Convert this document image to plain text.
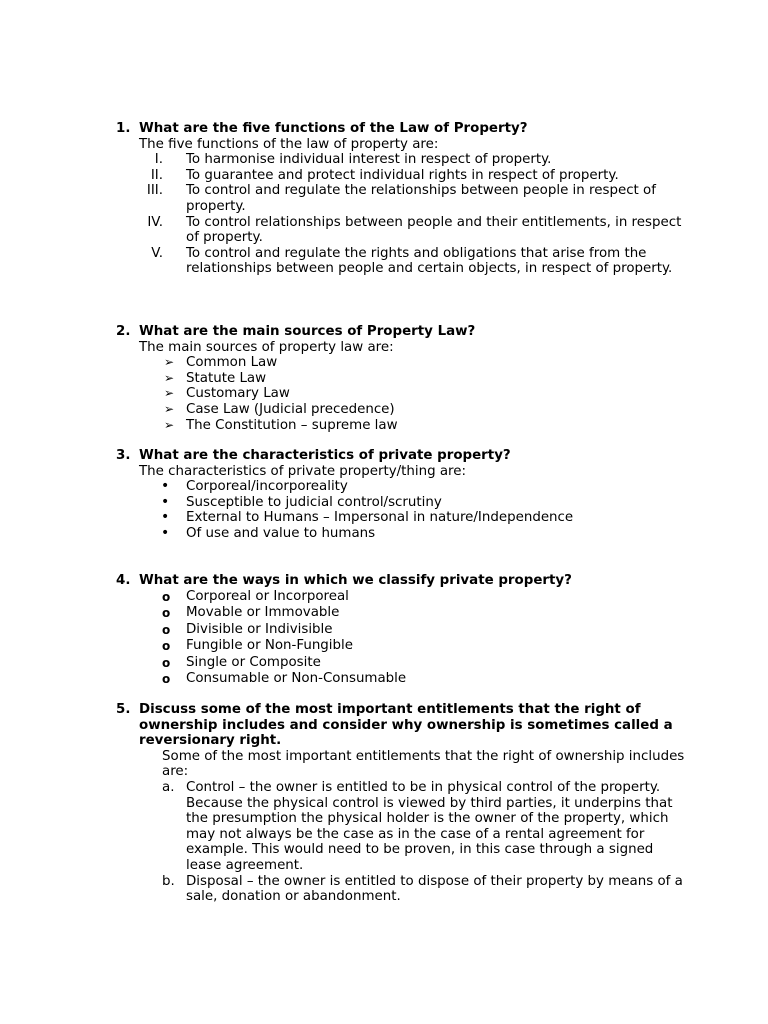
1. What are the five functions of the Law of Property?
The five functions of the law of property are:
I. To harmonise individual interest in respect of property.
II. To guarantee and protect individual rights in respect of property.
III. To control and regulate the relationships between people in respect of property.
IV. To control relationships between people and their entitlements, in respect of property.
V. To control and regulate the rights and obligations that arise from the relationships between people and certain objects, in respect of property.
2. What are the main sources of Property Law?
The main sources of property law are:
➢ Common Law
➢ Statute Law
➢ Customary Law
➢ Case Law (Judicial precedence)
➢ The Constitution – supreme law
3. What are the characteristics of private property?
The characteristics of private property/thing are:
• Corporeal/incorporeality
• Susceptible to judicial control/scrutiny
• External to Humans – Impersonal in nature/Independence
• Of use and value to humans
4. What are the ways in which we classify private property?
o Corporeal or Incorporeal
o Movable or Immovable
o Divisible or Indivisible
o Fungible or Non-Fungible
o Single or Composite
o Consumable or Non-Consumable
5. Discuss some of the most important entitlements that the right of ownership includes and consider why ownership is sometimes called a reversionary right.
Some of the most important entitlements that the right of ownership includes are:
a. Control – the owner is entitled to be in physical control of the property. Because the physical control is viewed by third parties, it underpins that the presumption the physical holder is the owner of the property, which may not always be the case as in the case of a rental agreement for example. This would need to be proven, in this case through a signed lease agreement.
b. Disposal – the owner is entitled to dispose of their property by means of a sale, donation or abandonment.
